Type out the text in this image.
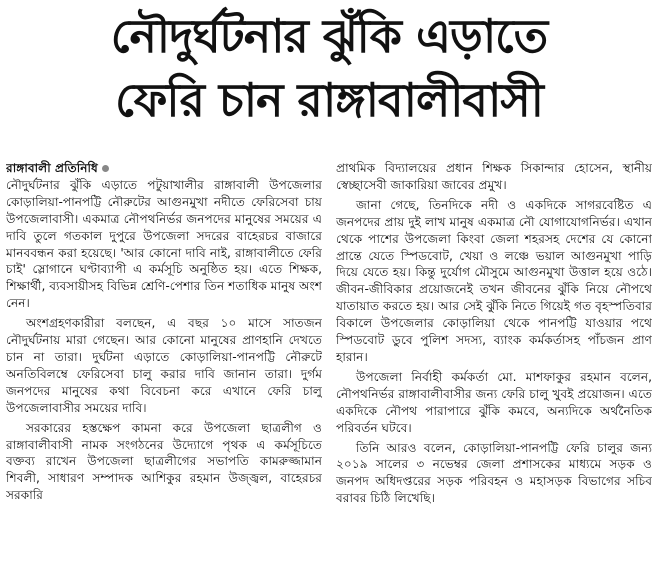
নৌদুর্ঘটনার ঝুঁকি এড়াতে
ফেরি চান রাঙ্গাবালীবাসী

রাঙ্গাবালী প্রতিনিধি
নৌদুর্ঘটনার ঝুঁকি এড়াতে পটুয়াখালীর রাঙ্গাবালী উপজেলার কোড়ালিয়া-পানপট্টি নৌরুটের আগুনমুখা নদীতে ফেরিসেবা চায় উপজেলাবাসী। একমাত্র নৌপথনির্ভর জনপদের মানুষের সময়ের এ দাবি তুলে গতকাল দুপুরে উপজেলা সদরের বাহেরচর বাজারে মানববন্ধন করা হয়েছে। 'আর কোনো দাবি নাই, রাঙ্গাবালীতে ফেরি চাই' স্লোগানে ঘণ্টাব্যাপী এ কর্মসূচি অনুষ্ঠিত হয়। এতে শিক্ষক, শিক্ষার্থী, ব্যবসায়ীসহ বিভিন্ন শ্রেণি-পেশার তিন শতাধিক মানুষ অংশ নেন।

অংশগ্রহণকারীরা বলছেন, এ বছর ১০ মাসে সাতজন নৌদুর্ঘটনায় মারা গেছেন। আর কোনো মানুষের প্রাণহানি দেখতে চান না তারা। দুর্ঘটনা এড়াতে কোড়ালিয়া-পানপট্টি নৌরুটে অনতিবিলম্বে ফেরিসেবা চালু করার দাবি জানান তারা। দুর্গম জনপদের মানুষের কথা বিবেচনা করে এখানে ফেরি চালু উপজেলাবাসীর সময়ের দাবি।

সরকারের হস্তক্ষেপ কামনা করে উপজেলা ছাত্রলীগ ও রাঙ্গাবালীবাসী নামক সংগঠনের উদ্যোগে পৃথক এ কর্মসূচিতে বক্তব্য রাখেন উপজেলা ছাত্রলীগের সভাপতি কামরুজ্জামান শিবলী, সাধারণ সম্পাদক আশিকুর রহমান উজ্জ্বল, বাহেরচর সরকারি

প্রাথমিক বিদ্যালয়ের প্রধান শিক্ষক সিকান্দার হোসেন, স্থানীয় স্বেচ্ছাসেবী জাকারিয়া জাবের প্রমুখ।

জানা গেছে, তিনদিকে নদী ও একদিকে সাগরবেষ্টিত এ জনপদের প্রায় দুই লাখ মানুষ একমাত্র নৌ যোগাযোগনির্ভর। এখান থেকে পাশের উপজেলা কিংবা জেলা শহরসহ দেশের যে কোনো প্রান্তে যেতে স্পিডবোট, খেয়া ও লঞ্চে ভয়াল আগুনমুখা পাড়ি দিয়ে যেতে হয়। কিন্তু দুর্যোগ মৌসুমে আগুনমুখা উত্তাল হয়ে ওঠে। জীবন-জীবিকার প্রয়োজনেই তখন জীবনের ঝুঁকি নিয়ে নৌপথে যাতায়াত করতে হয়। আর সেই ঝুঁকি নিতে গিয়েই গত বৃহস্পতিবার বিকালে উপজেলার কোড়ালিয়া থেকে পানপট্টি যাওয়ার পথে স্পিডবোট ডুবে পুলিশ সদস্য, ব্যাংক কর্মকর্তাসহ পাঁচজন প্রাণ হারান।

উপজেলা নির্বাহী কর্মকর্তা মো. মাশফাকুর রহমান বলেন, নৌপথনির্ভর রাঙ্গাবালীবাসীর জন্য ফেরি চালু খুবই প্রয়োজন। এতে একদিকে নৌপথ পারাপারে ঝুঁকি কমবে, অন্যদিকে অর্থনৈতিক পরিবর্তন ঘটবে।

তিনি আরও বলেন, কোড়ালিয়া-পানপট্টি ফেরি চালুর জন্য ২০১৯ সালের ৩ নভেম্বর জেলা প্রশাসকের মাধ্যমে সড়ক ও জনপদ অধিদপ্তরের সড়ক পরিবহন ও মহাসড়ক বিভাগের সচিব বরাবর চিঠি লিখেছি।
